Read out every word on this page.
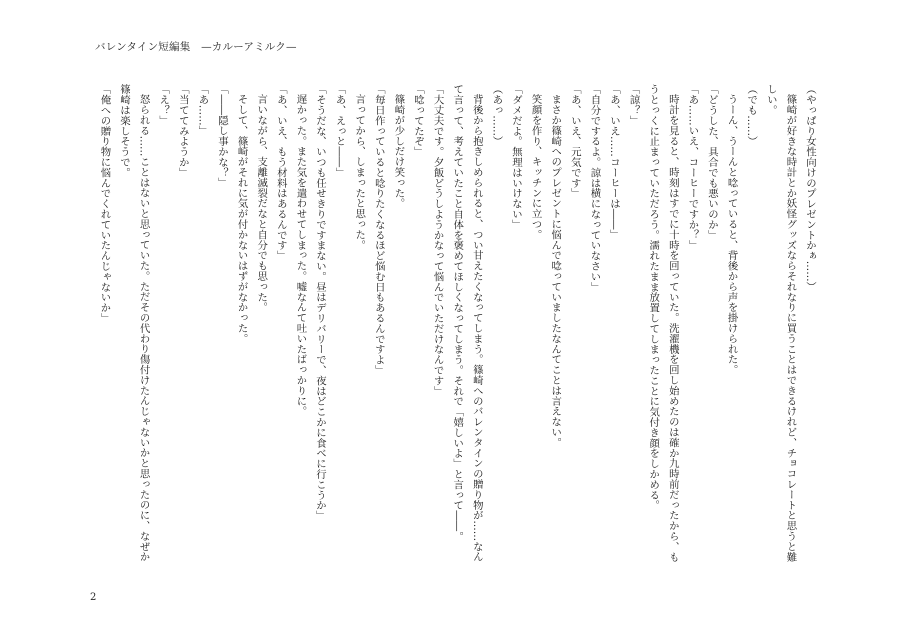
バレンタイン短編集　—カルーアミルク—
（やっぱり女性向けのプレゼントかぁ……）
篠崎が好きな時計とか妖怪グッズならそれなりに買うことはできるけれど、チョコレートと思うと難
しい。
（でも……）
うーん、うーんと唸っていると、背後から声を掛けられた。
「どうした、具合でも悪いのか」
「あ……いえ、コーヒーですか？」
時計を見ると、時刻はすでに十時を回っていた。洗濯機を回し始めたのは確か九時前だったから、も
うとっくに止まっていただろう。濡れたまま放置してしまったことに気付き顔をしかめる。
「諒？」
「あ、いえ……コーヒーは――」
「自分でするよ。諒は横になっていなさい」
「あ、いえ、元気です」
まさか篠崎へのプレゼントに悩んで唸っていましたなんてことは言えない。
笑顔を作り、キッチンに立つ。
「ダメだよ。無理はいけない」
（あっ……）
背後から抱きしめられると、つい甘えたくなってしまう。篠崎へのバレンタインの贈り物が……なん
て言って、考えていたこと自体を褒めてほしくなってしまう。それで「嬉しいよ」と言って――。
「大丈夫です。夕飯どうしようかなって悩んでいただけなんです」
「唸ってたぞ」
篠崎が少しだけ笑った。
「毎日作っていると唸りたくなるほど悩む日もあるんですよ」
言ってから、しまったと思った。
「あ、えっと――」
「そうだな、いつも任せきりですまない。昼はデリバリーで、夜はどこかに食べに行こうか」
遅かった。また気を遣わせてしまった。嘘なんて吐いたばっかりに。
「あ、いえ、もう材料はあるんです」
言いながら、支離滅裂だなと自分でも思った。
そして、篠崎がそれに気が付かないはずがなかった。
「――隠し事かな？」
「あ……」
「当ててみようか」
「え？」
怒られる……ことはないと思っていた。ただその代わり傷付けたんじゃないかと思ったのに、なぜか
篠崎は楽しそうで。
「俺への贈り物に悩んでくれていたんじゃないか」
2
